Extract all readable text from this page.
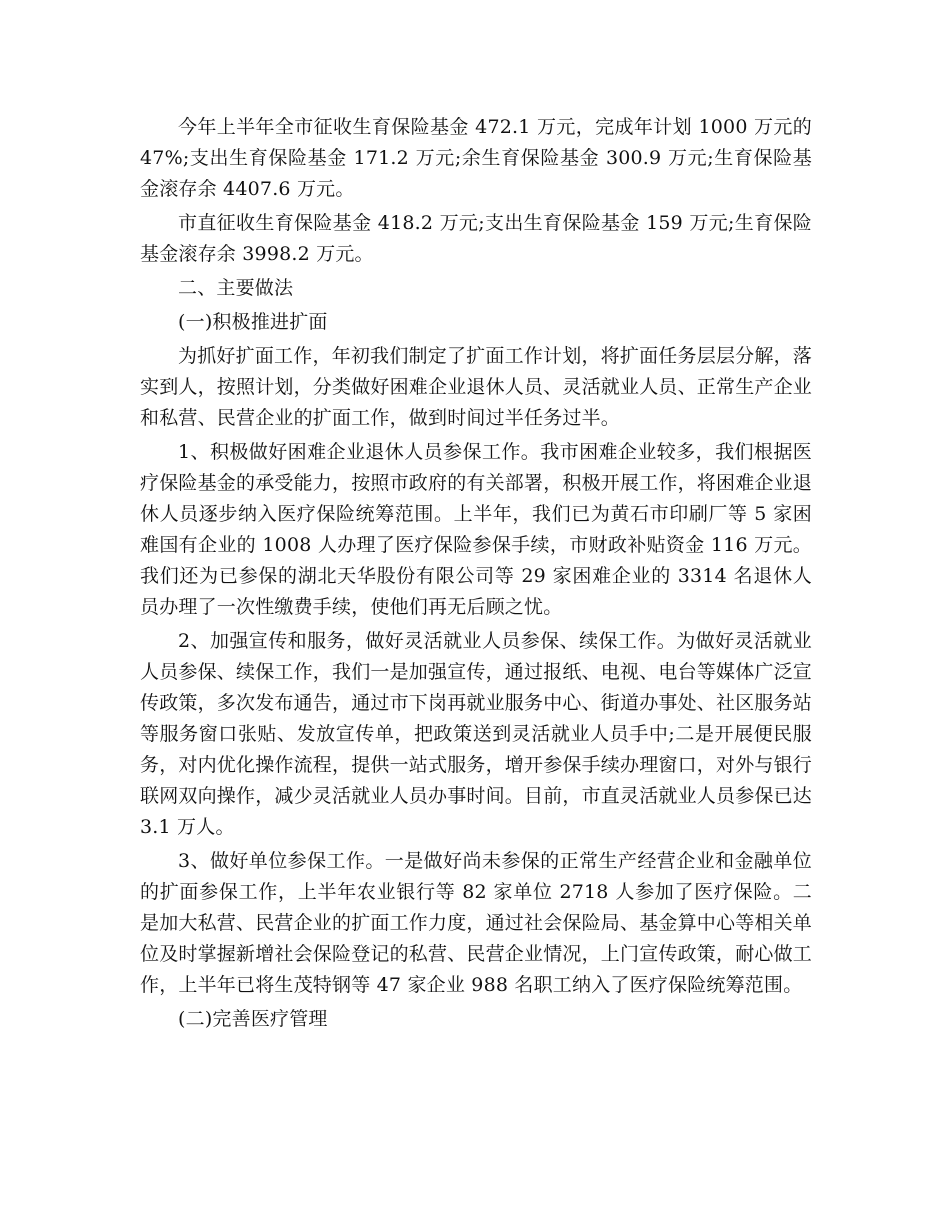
今年上半年全市征收生育保险基金 472.1 万元，完成年计划 1000 万元的 47%;支出生育保险基金 171.2 万元;余生育保险基金 300.9 万元;生育保险基金滚存余 4407.6 万元。

市直征收生育保险基金 418.2 万元;支出生育保险基金 159 万元;生育保险基金滚存余 3998.2 万元。

二、主要做法

(一)积极推进扩面

为抓好扩面工作，年初我们制定了扩面工作计划，将扩面任务层层分解，落实到人，按照计划，分类做好困难企业退休人员、灵活就业人员、正常生产企业和私营、民营企业的扩面工作，做到时间过半任务过半。

1、积极做好困难企业退休人员参保工作。我市困难企业较多，我们根据医疗保险基金的承受能力，按照市政府的有关部署，积极开展工作，将困难企业退休人员逐步纳入医疗保险统筹范围。上半年，我们已为黄石市印刷厂等 5 家困难国有企业的 1008 人办理了医疗保险参保手续，市财政补贴资金 116 万元。我们还为已参保的湖北天华股份有限公司等 29 家困难企业的 3314 名退休人员办理了一次性缴费手续，使他们再无后顾之忧。

2、加强宣传和服务，做好灵活就业人员参保、续保工作。为做好灵活就业人员参保、续保工作，我们一是加强宣传，通过报纸、电视、电台等媒体广泛宣传政策，多次发布通告，通过市下岗再就业服务中心、街道办事处、社区服务站等服务窗口张贴、发放宣传单，把政策送到灵活就业人员手中;二是开展便民服务，对内优化操作流程，提供一站式服务，增开参保手续办理窗口，对外与银行联网双向操作，减少灵活就业人员办事时间。目前，市直灵活就业人员参保已达 3.1 万人。

3、做好单位参保工作。一是做好尚未参保的正常生产经营企业和金融单位的扩面参保工作，上半年农业银行等 82 家单位 2718 人参加了医疗保险。二是加大私营、民营企业的扩面工作力度，通过社会保险局、基金算中心等相关单位及时掌握新增社会保险登记的私营、民营企业情况，上门宣传政策，耐心做工作，上半年已将生茂特钢等 47 家企业 988 名职工纳入了医疗保险统筹范围。

(二)完善医疗管理
